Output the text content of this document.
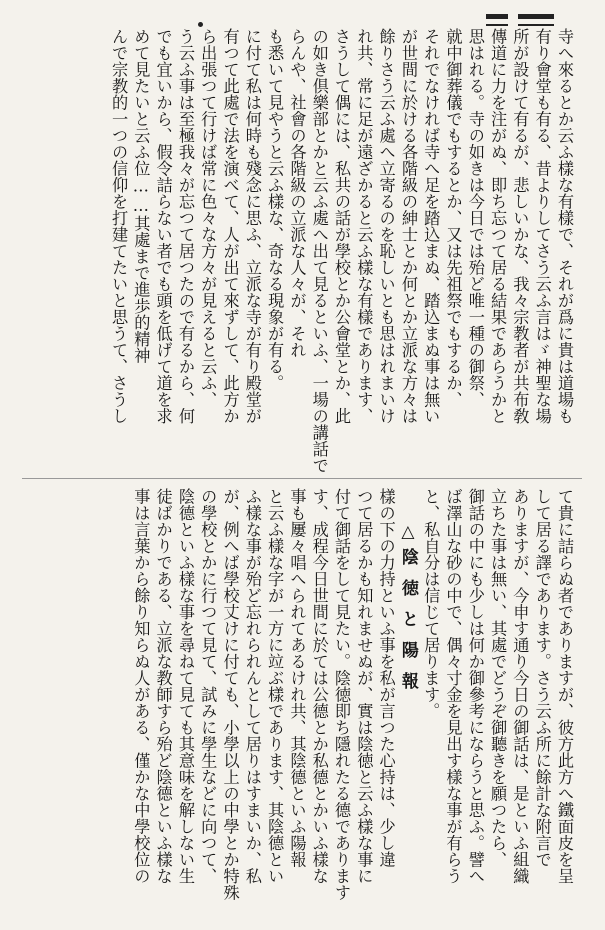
寺へ來るとか云ふ樣な有樣で、それが爲に貴は道場も
有り會堂も有る、昔よりしてさう云ふ言はゞ神聖な場
所が設けて有るが、悲しいかな、我々宗教者が共布敎
傳道に力を注がぬ、即ち忘つて居る結果であらうかと
思はれる。寺の如きは今日では殆ど唯一種の御祭、
就中御葬儀でもするとか、又は先祖祭でもするか、
それでなければ寺へ足を踏込まぬ、踏込まぬ事は無い
が世間に於ける各階級の紳士とか何とか立派な方々は
餘りさう云ふ處へ立寄るのを恥しいとも思はれまいけ
れ共、常に足が遠ざかると云ふ樣な有樣であります、
さうして偶には、私共の話が學校とか公會堂とか、此
の如き倶樂部とかと云ふ處へ出て見るといふ、一場の講話で
らんや、社會の各階級の立派な人々が、それ
も悉いて見やうと云ふ樣な、奇なる現象が有る。
に付て私は何時も殘念に思ふ、立派な寺が有り殿堂が
有つて此處で法を演べて、人が出て來ずして、此方か
ら出張つて行けば常に色々な方々が見えると云ふ、
う云ふ事は至極我々が忘つて居つたので有るから、何
でも宜いから、假令詰らない者でも頭を低げて道を求
めて見たいと云ふ位……其處まで進歩的精神
んで宗教的一つの信仰を打建てたいと思うて、さうし
て貴に詰らぬ者でありますが、彼方此方へ鐵面皮を呈
して居る譯であります。さう云ふ所に餘計な附言で
ありますが、今申す通り今日の御話は、是といふ組織
立ちた事は無い、其處でどうぞ御聽きを願つたら、
御話の中にも少しは何か御參考にならうと思ふ。譬へ
ば澤山な砂の中で、偶々寸金を見出す樣な事が有らう
と、私自分は信じて居ります。
△陰徳と陽報
樣の下の力持といふ事を私が言つた心持は、少し違
つて居るかも知れませぬが、實は陰徳と云ふ樣な事に
付て御話をして見たい。陰徳即ち隱れたる德であります
す、成程今日世間に於ては公德とか私德とかいふ樣な
事も屢々唱へられてあるけれ共、其陰德といふ陽報
と云ふ樣な字が一方に竝ぶ樣であります、其陰德とい
ふ樣な事が殆ど忘れられんとして居りはすまいか、私
が、例へば學校丈けに付ても、小學以上の中學とか特殊
の學校とかに行つて見て、試みに學生などに向つて、
陰德といふ樣な事を尋ねて見ても其意味を解しない生
徒ばかりである、立派な教師すら殆ど陰德といふ樣な
事は言葉から餘り知らぬ人がある、僅かな中學校位の
